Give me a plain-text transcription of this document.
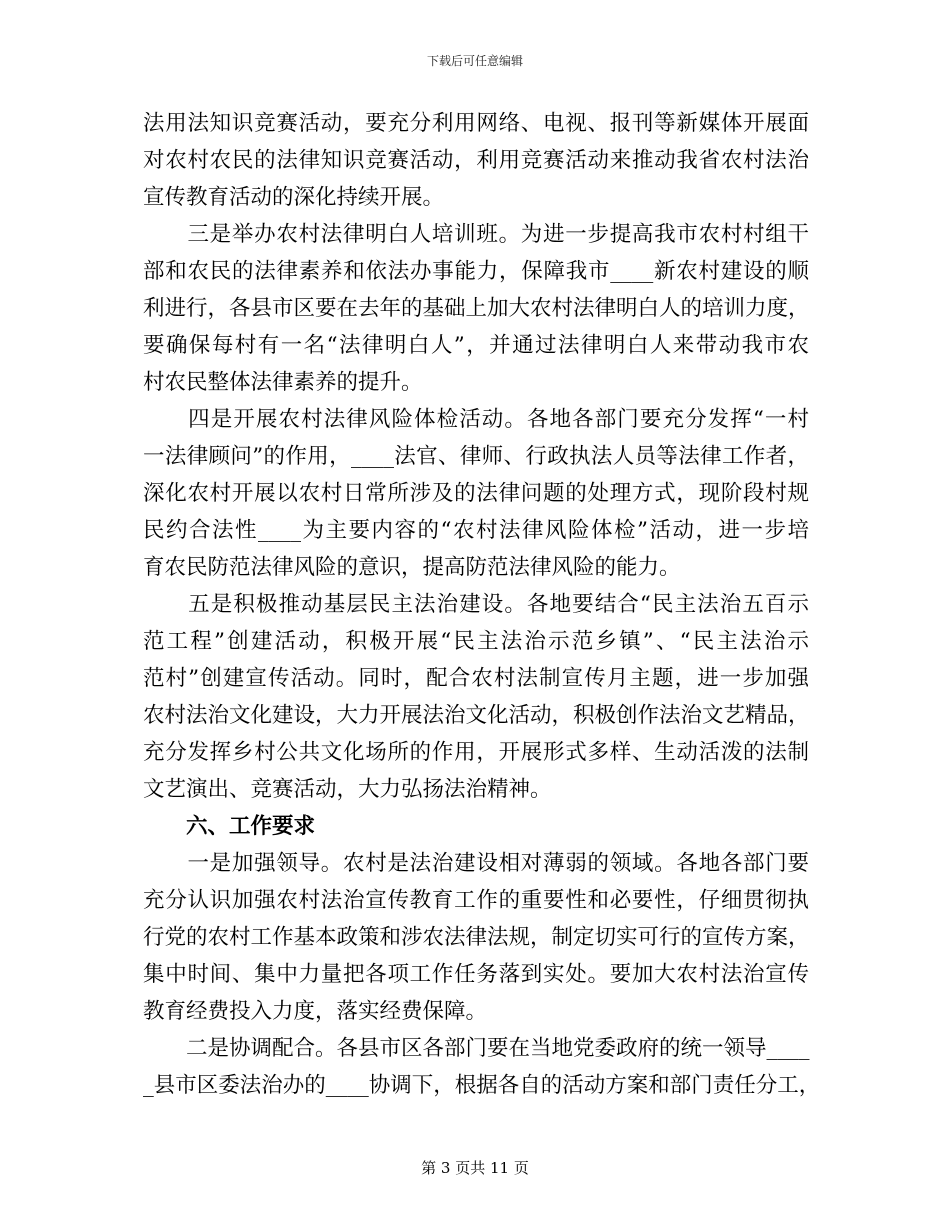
下载后可任意编辑
法用法知识竞赛活动，要充分利用网络、电视、报刊等新媒体开展面
对农村农民的法律知识竞赛活动，利用竞赛活动来推动我省农村法治
宣传教育活动的深化持续开展。
　　三是举办农村法律明白人培训班。为进一步提高我市农村村组干
部和农民的法律素养和依法办事能力，保障我市____新农村建设的顺
利进行，各县市区要在去年的基础上加大农村法律明白人的培训力度，
要确保每村有一名“法律明白人”，并通过法律明白人来带动我市农
村农民整体法律素养的提升。
　　四是开展农村法律风险体检活动。各地各部门要充分发挥“一村
一法律顾问”的作用，____法官、律师、行政执法人员等法律工作者，
深化农村开展以农村日常所涉及的法律问题的处理方式，现阶段村规
民约合法性____为主要内容的“农村法律风险体检”活动，进一步培
育农民防范法律风险的意识，提高防范法律风险的能力。
　　五是积极推动基层民主法治建设。各地要结合“民主法治五百示
范工程”创建活动，积极开展“民主法治示范乡镇”、“民主法治示
范村”创建宣传活动。同时，配合农村法制宣传月主题，进一步加强
农村法治文化建设，大力开展法治文化活动，积极创作法治文艺精品，
充分发挥乡村公共文化场所的作用，开展形式多样、生动活泼的法制
文艺演出、竞赛活动，大力弘扬法治精神。
　　六、工作要求
　　一是加强领导。农村是法治建设相对薄弱的领域。各地各部门要
充分认识加强农村法治宣传教育工作的重要性和必要性，仔细贯彻执
行党的农村工作基本政策和涉农法律法规，制定切实可行的宣传方案，
集中时间、集中力量把各项工作任务落到实处。要加大农村法治宣传
教育经费投入力度，落实经费保障。
　　二是协调配合。各县市区各部门要在当地党委政府的统一领导____
_县市区委法治办的____协调下，根据各自的活动方案和部门责任分工，
第 3 页共 11 页
